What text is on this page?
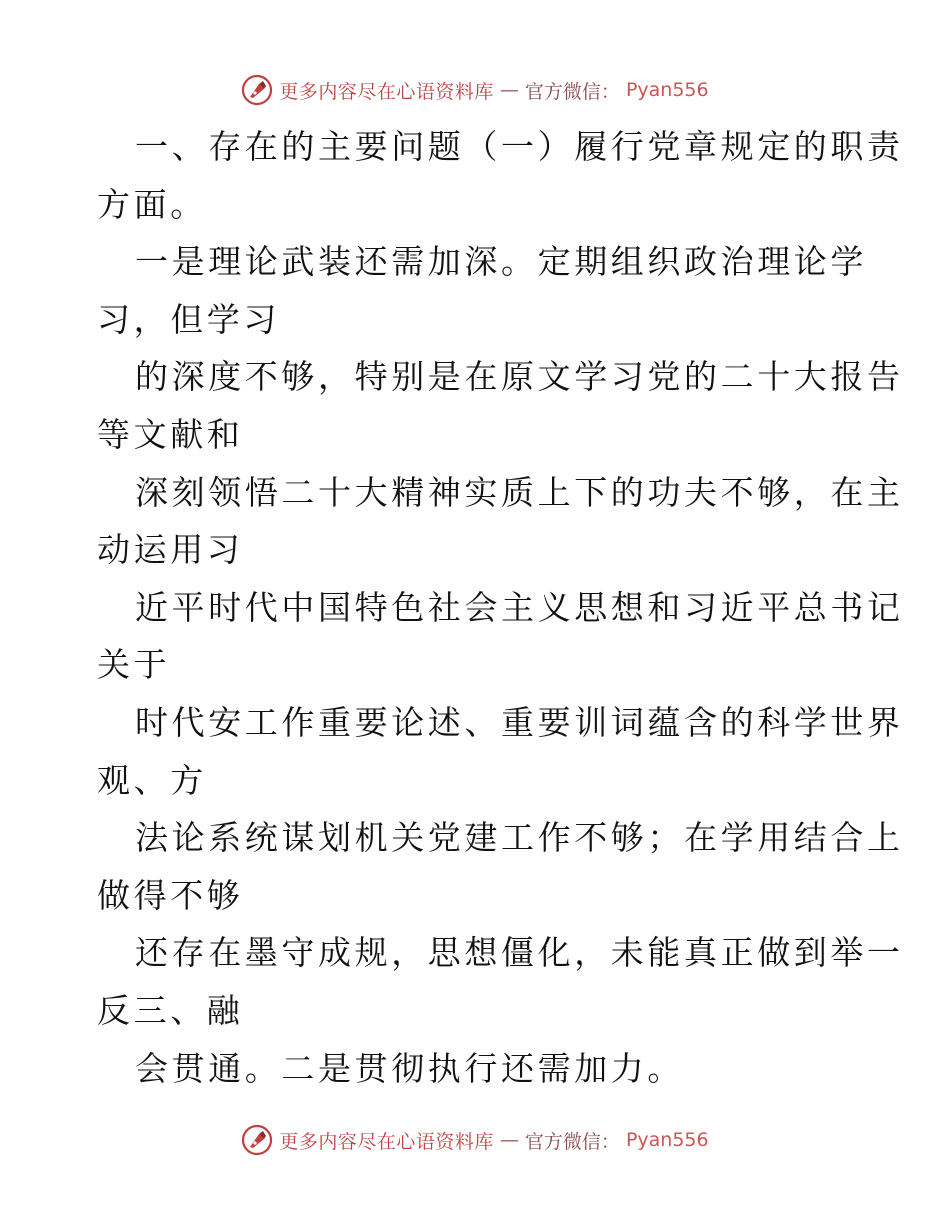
更多内容尽在心语资料库 — 官方微信： Pyan556
一、存在的主要问题（一）履行党章规定的职责
方面。
一是理论武装还需加深。定期组织政治理论学
习，但学习
的深度不够，特别是在原文学习党的二十大报告
等文献和
深刻领悟二十大精神实质上下的功夫不够，在主
动运用习
近平时代中国特色社会主义思想和习近平总书记
关于
时代安工作重要论述、重要训词蕴含的科学世界
观、方
法论系统谋划机关党建工作不够；在学用结合上
做得不够
还存在墨守成规，思想僵化，未能真正做到举一
反三、融
会贯通。二是贯彻执行还需加力。
更多内容尽在心语资料库 — 官方微信： Pyan556
